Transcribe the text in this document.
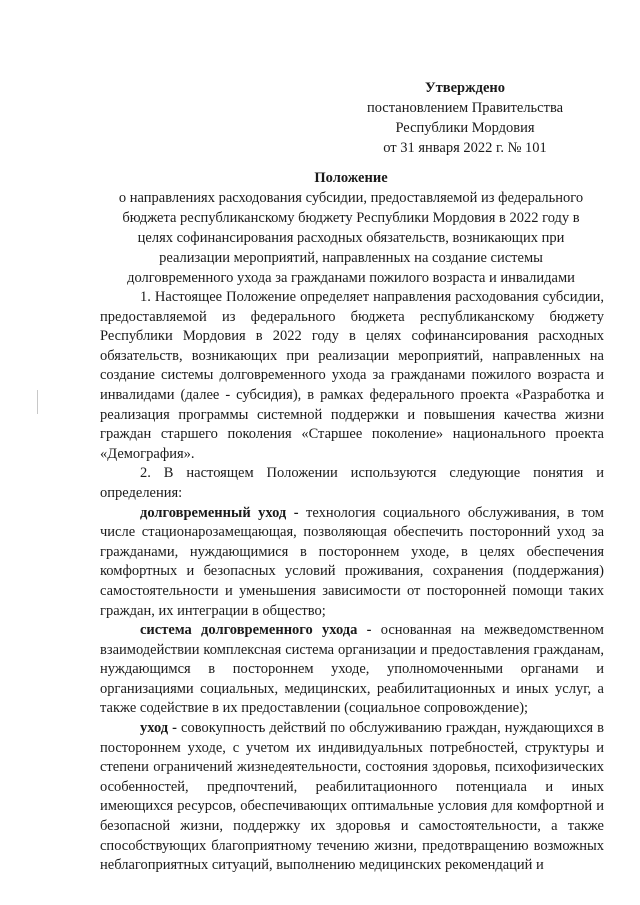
Утверждено
постановлением Правительства
Республики Мордовия
от 31 января 2022 г. № 101
Положение
о направлениях расходования субсидии, предоставляемой из федерального
бюджета республиканскому бюджету Республики Мордовия в 2022 году в
целях софинансирования расходных обязательств, возникающих при
реализации мероприятий, направленных на создание системы
долговременного ухода за гражданами пожилого возраста и инвалидами

1. Настоящее Положение определяет направления расходования субсидии, предоставляемой из федерального бюджета республиканскому бюджету Республики Мордовия в 2022 году в целях софинансирования расходных обязательств, возникающих при реализации мероприятий, направленных на создание системы долговременного ухода за гражданами пожилого возраста и инвалидами (далее - субсидия), в рамках федерального проекта «Разработка и реализация программы системной поддержки и повышения качества жизни граждан старшего поколения «Старшее поколение» национального проекта «Демография».

2. В настоящем Положении используются следующие понятия и определения:

долговременный уход - технология социального обслуживания, в том числе стационарозамещающая, позволяющая обеспечить посторонний уход за гражданами, нуждающимися в постороннем уходе, в целях обеспечения комфортных и безопасных условий проживания, сохранения (поддержания) самостоятельности и уменьшения зависимости от посторонней помощи таких граждан, их интеграции в общество;

система долговременного ухода - основанная на межведомственном взаимодействии комплексная система организации и предоставления гражданам, нуждающимся в постороннем уходе, уполномоченными органами и организациями социальных, медицинских, реабилитационных и иных услуг, а также содействие в их предоставлении (социальное сопровождение);

уход - совокупность действий по обслуживанию граждан, нуждающихся в постороннем уходе, с учетом их индивидуальных потребностей, структуры и степени ограничений жизнедеятельности, состояния здоровья, психофизических особенностей, предпочтений, реабилитационного потенциала и иных имеющихся ресурсов, обеспечивающих оптимальные условия для комфортной и безопасной жизни, поддержку их здоровья и самостоятельности, а также способствующих благоприятному течению жизни, предотвращению возможных неблагоприятных ситуаций, выполнению медицинских рекомендаций и
